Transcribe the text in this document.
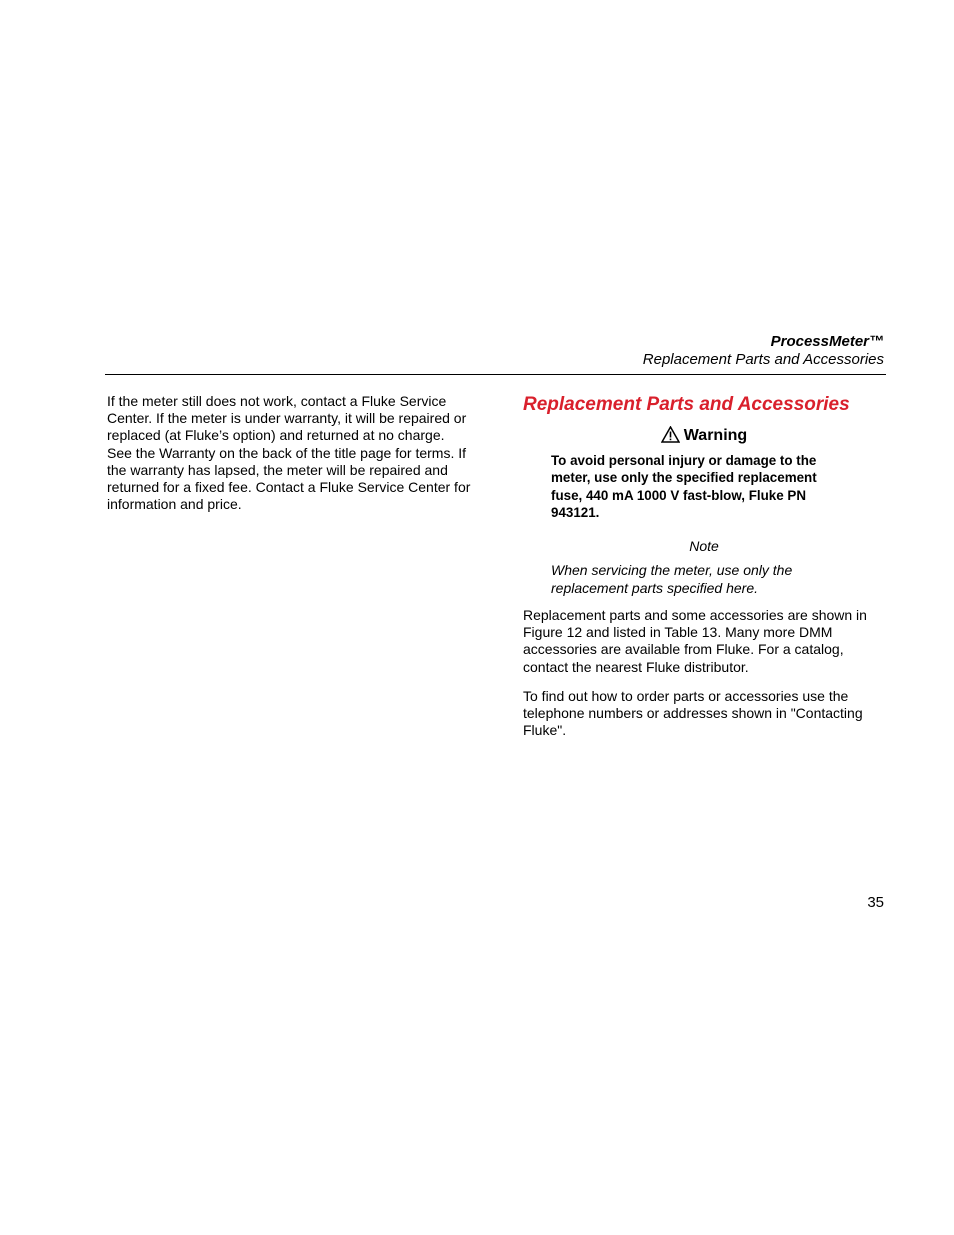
ProcessMeter™
Replacement Parts and Accessories
If the meter still does not work, contact a Fluke Service Center. If the meter is under warranty, it will be repaired or replaced (at Fluke’s option) and returned at no charge. See the Warranty on the back of the title page for terms. If the warranty has lapsed, the meter will be repaired and returned for a fixed fee. Contact a Fluke Service Center for information and price.
Replacement Parts and Accessories
Warning
To avoid personal injury or damage to the meter, use only the specified replacement fuse, 440 mA 1000 V fast-blow, Fluke PN 943121.
Note
When servicing the meter, use only the replacement parts specified here.
Replacement parts and some accessories are shown in Figure 12 and listed in Table 13. Many more DMM accessories are available from Fluke. For a catalog, contact the nearest Fluke distributor.
To find out how to order parts or accessories use the telephone numbers or addresses shown in "Contacting Fluke".
35
